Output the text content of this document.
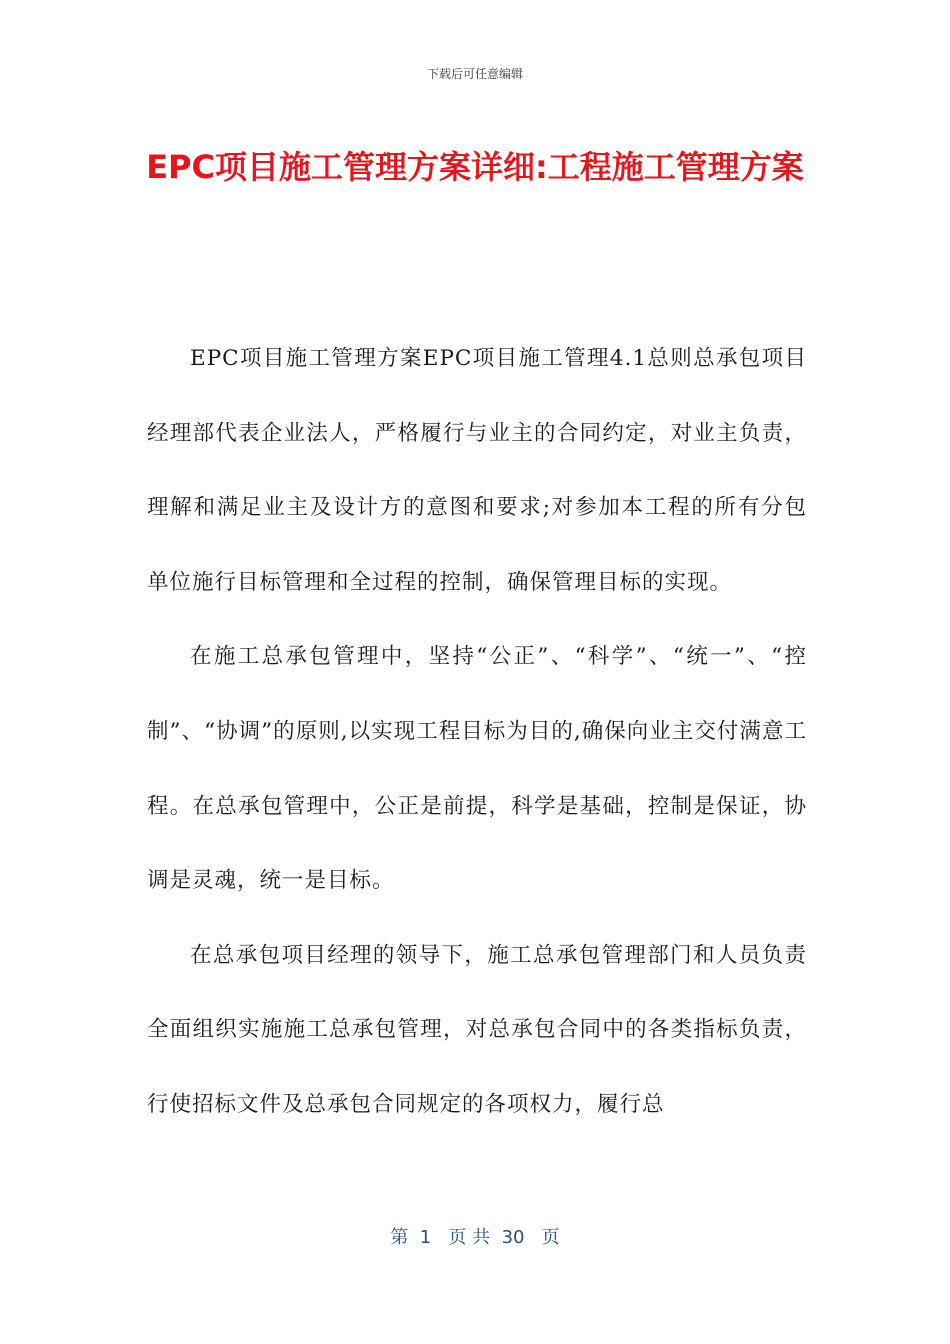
下载后可任意编辑
EPC项目施工管理方案详细:工程施工管理方案

EPC项目施工管理方案EPC项目施工管理4.1总则总承包项目经理部代表企业法人，严格履行与业主的合同约定，对业主负责，理解和满足业主及设计方的意图和要求;对参加本工程的所有分包单位施行目标管理和全过程的控制，确保管理目标的实现。

在施工总承包管理中，坚持“公正”、“科学”、“统一”、“控制”、“协调”的原则,以实现工程目标为目的,确保向业主交付满意工程。在总承包管理中，公正是前提，科学是基础，控制是保证，协调是灵魂，统一是目标。

在总承包项目经理的领导下，施工总承包管理部门和人员负责全面组织实施施工总承包管理，对总承包合同中的各类指标负责，行使招标文件及总承包合同规定的各项权力，履行总

第  1   页 共  30   页
